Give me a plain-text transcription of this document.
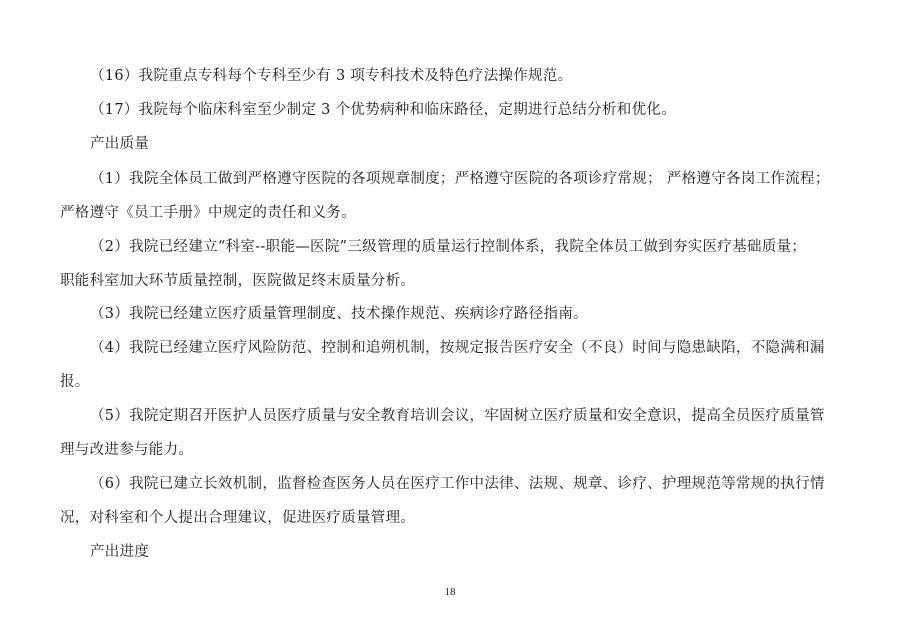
（16）我院重点专科每个专科至少有 3 项专科技术及特色疗法操作规范。
（17）我院每个临床科室至少制定 3 个优势病种和临床路径，定期进行总结分析和优化。
产出质量
（1）我院全体员工做到严格遵守医院的各项规章制度；严格遵守医院的各项诊疗常规； 严格遵守各岗工作流程；
严格遵守《员工手册》中规定的责任和义务。
（2）我院已经建立“科室--职能—医院”三级管理的质量运行控制体系，我院全体员工做到夯实医疗基础质量；
职能科室加大环节质量控制，医院做足终末质量分析。
（3）我院已经建立医疗质量管理制度、技术操作规范、疾病诊疗路径指南。
（4）我院已经建立医疗风险防范、控制和追朔机制，按规定报告医疗安全（不良）时间与隐患缺陷，不隐满和漏
报。
（5）我院定期召开医护人员医疗质量与安全教育培训会议，牢固树立医疗质量和安全意识，提高全员医疗质量管
理与改进参与能力。
（6）我院已建立长效机制，监督检查医务人员在医疗工作中法律、法规、规章、诊疗、护理规范等常规的执行情
况，对科室和个人提出合理建议，促进医疗质量管理。
产出进度
18
